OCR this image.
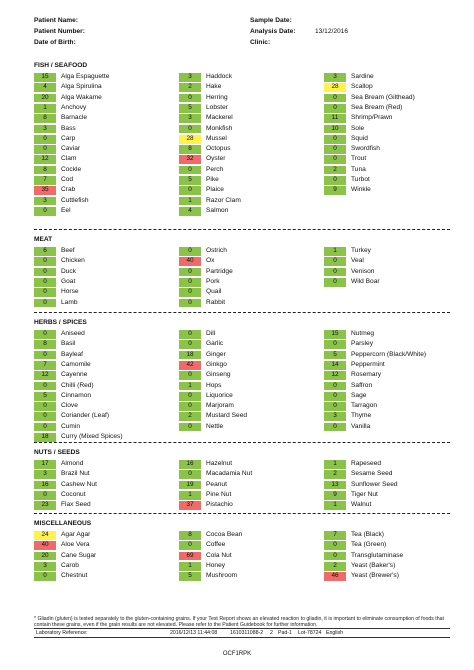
Patient Name:
Patient Number:
Date of Birth:
Sample Date:
Analysis Date:	13/12/2016
Clinic:
FISH / SEAFOOD
15	Alga Espaguette
4	Alga Spirulina
20	Alga Wakame
1	Anchovy
8	Barnacle
3	Bass
0	Carp
0	Caviar
12	Clam
8	Cockle
7	Cod
35	Crab
3	Cuttlefish
0	Eel
3	Haddock
2	Hake
0	Herring
5	Lobster
3	Mackerel
0	Monkfish
28	Mussel
8	Octopus
32	Oyster
0	Perch
5	Pike
0	Plaice
1	Razor Clam
4	Salmon
3	Sardine
28	Scallop
0	Sea Bream (Gilthead)
0	Sea Bream (Red)
11	Shrimp/Prawn
10	Sole
0	Squid
0	Swordfish
0	Trout
2	Tuna
0	Turbot
9	Winkle
MEAT
6	Beef
0	Chicken
0	Duck
0	Goat
0	Horse
0	Lamb
0	Ostrich
40	Ox
0	Partridge
0	Pork
0	Quail
0	Rabbit
1	Turkey
0	Veal
0	Venison
0	Wild Boar
HERBS / SPICES
0	Aniseed
8	Basil
0	Bayleaf
7	Camomile
12	Cayenne
0	Chilli (Red)
5	Cinnamon
0	Clove
0	Coriander (Leaf)
0	Cumin
18	Curry (Mixed Spices)
0	Dill
0	Garlic
18	Ginger
42	Ginkgo
0	Ginseng
1	Hops
0	Liquorice
0	Marjoram
2	Mustard Seed
0	Nettle
15	Nutmeg
0	Parsley
5	Peppercorn (Black/White)
14	Peppermint
12	Rosemary
0	Saffron
0	Sage
0	Tarragon
3	Thyme
0	Vanilla
NUTS / SEEDS
17	Almond
3	Brazil Nut
16	Cashew Nut
0	Coconut
23	Flax Seed
16	Hazelnut
0	Macadamia Nut
19	Peanut
1	Pine Nut
37	Pistachio
1	Rapeseed
2	Sesame Seed
13	Sunflower Seed
9	Tiger Nut
1	Walnut
MISCELLANEOUS
24	Agar Agar
40	Aloe Vera
20	Cane Sugar
3	Carob
0	Chestnut
8	Cocoa Bean
0	Coffee
69	Cola Nut
1	Honey
5	Mushroom
7	Tea (Black)
0	Tea (Green)
0	Transglutaminase
2	Yeast (Baker's)
46	Yeast (Brewer's)
* Gliadin (gluten) is tested separately to the gluten-containing grains. If your Test Report shows an elevated reaction to gliadin, it is important to eliminate consumption of foods that contain these grains, even if the grain results are not elevated. Please refer to the Patient Guidebook for further information.
Laboratory Reference:	2016/12/13 11:44:08 1610311088-2 2 Pad-1 Lot-78724 English
OCF1RPK
